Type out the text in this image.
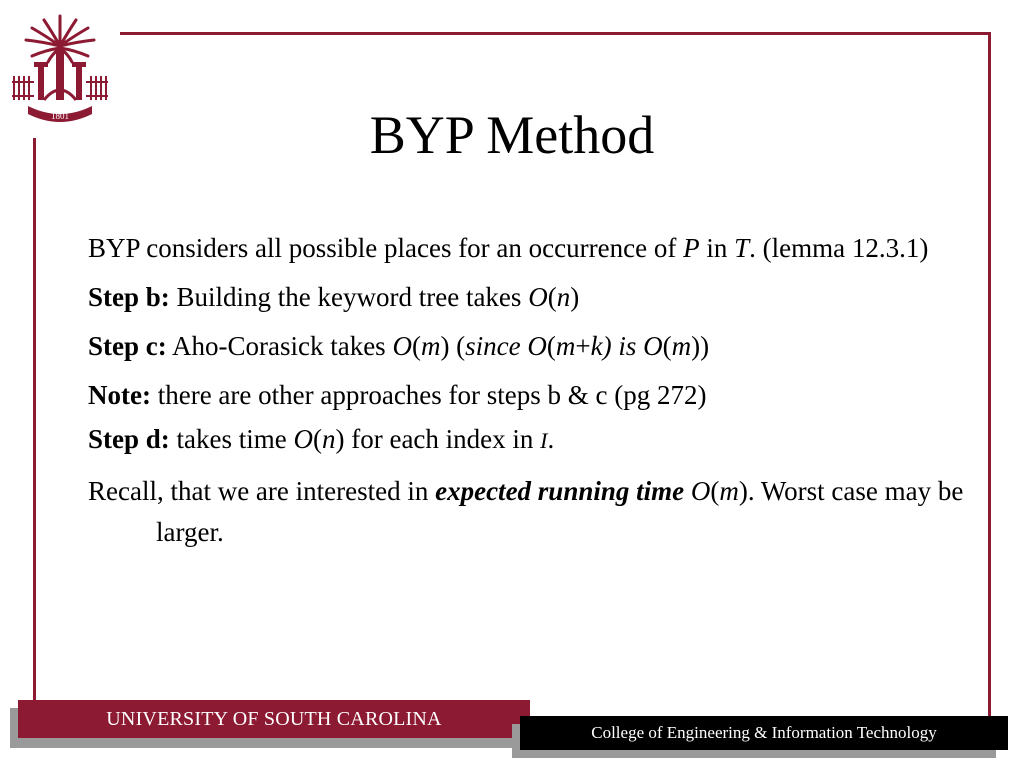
1801	BYP Method

BYP considers all possible places for an occurrence of P in T. (lemma 12.3.1)

Step b: Building the keyword tree takes O(n)

Step c: Aho-Corasick takes O(m) (since O(m+k) is O(m))

Note: there are other approaches for steps b & c (pg 272)

Step d: takes time O(n) for each index in I.

Recall, that we are interested in expected running time O(m). Worst case may be larger.

UNIVERSITY OF SOUTH CAROLINA
College of Engineering & Information Technology
